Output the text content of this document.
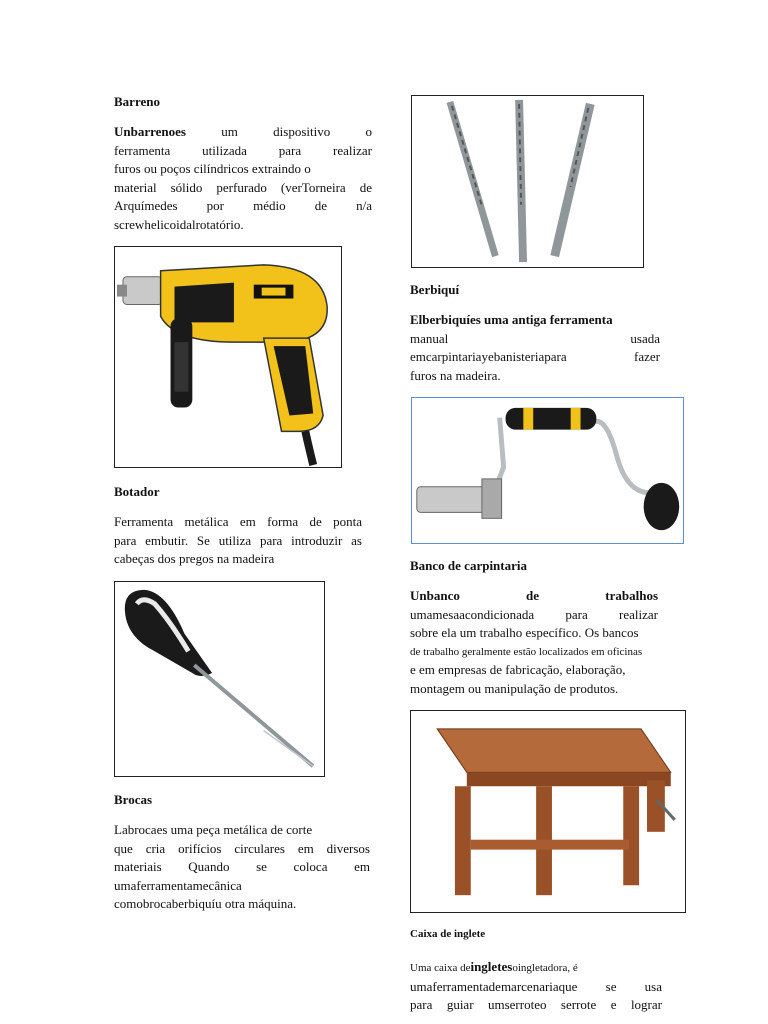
Barreno
Unbarrenoes um dispositivo o
ferramenta utilizada para realizar
furos ou poços cilíndricos extraindo o
material sólido perfurado (verTorneira de
Arquímedes por médio de n/a
screwhelicoidalrotatório.
Botador
Ferramenta metálica em forma de ponta
para embutir. Se utiliza para introduzir as
cabeças dos pregos na madeira
Brocas
Labrocaes uma peça metálica de corte
que cria orifícios circulares em diversos
materiais Quando se coloca em
umaferramentamecânica
comobrocaberbiquíu otra máquina.
Berbiquí
Elberbiquíes uma antiga ferramenta
manual usada
emcarpintariayebanisteriapara fazer
furos na madeira.
Banco de carpintaria
Unbanco de trabalhos
umamesaacondicionada para realizar
sobre ela um trabalho específico. Os bancos
de trabalho geralmente estão localizados em oficinas
e em empresas de fabricação, elaboração,
montagem ou manipulação de produtos.
Caixa de inglete
Uma caixa deingletesoingletadora, é
umaferramentademarcenariaque se usa
para guiar umserroteo serrote e lograr
